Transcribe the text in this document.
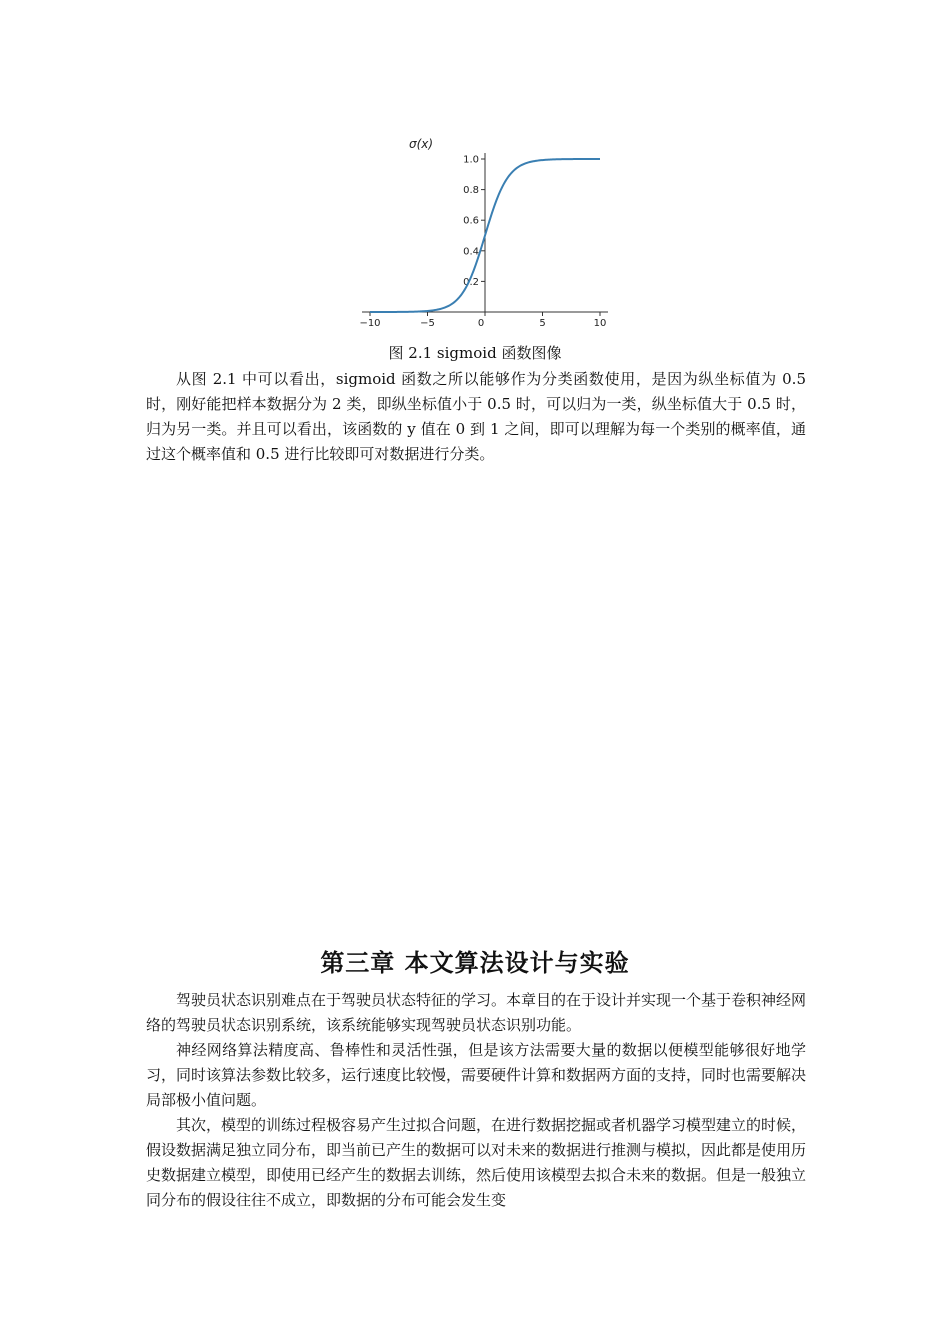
σ(x)
−10	−5	0	5	10
0.2
0.4
0.6
0.8
1.0
图 2.1 sigmoid 函数图像

从图 2.1 中可以看出，sigmoid 函数之所以能够作为分类函数使用，是因为纵坐标值为 0.5 时，刚好能把样本数据分为 2 类，即纵坐标值小于 0.5 时，可以归为一类，纵坐标值大于 0.5 时，归为另一类。并且可以看出，该函数的 y 值在 0 到 1 之间，即可以理解为每一个类别的概率值，通过这个概率值和 0.5 进行比较即可对数据进行分类。

第三章 本文算法设计与实验

驾驶员状态识别难点在于驾驶员状态特征的学习。本章目的在于设计并实现一个基于卷积神经网络的驾驶员状态识别系统，该系统能够实现驾驶员状态识别功能。

神经网络算法精度高、鲁棒性和灵活性强，但是该方法需要大量的数据以便模型能够很好地学习，同时该算法参数比较多，运行速度比较慢，需要硬件计算和数据两方面的支持，同时也需要解决局部极小值问题。

其次，模型的训练过程极容易产生过拟合问题，在进行数据挖掘或者机器学习模型建立的时候，假设数据满足独立同分布，即当前已产生的数据可以对未来的数据进行推测与模拟，因此都是使用历史数据建立模型，即使用已经产生的数据去训练，然后使用该模型去拟合未来的数据。但是一般独立同分布的假设往往不成立，即数据的分布可能会发生变
